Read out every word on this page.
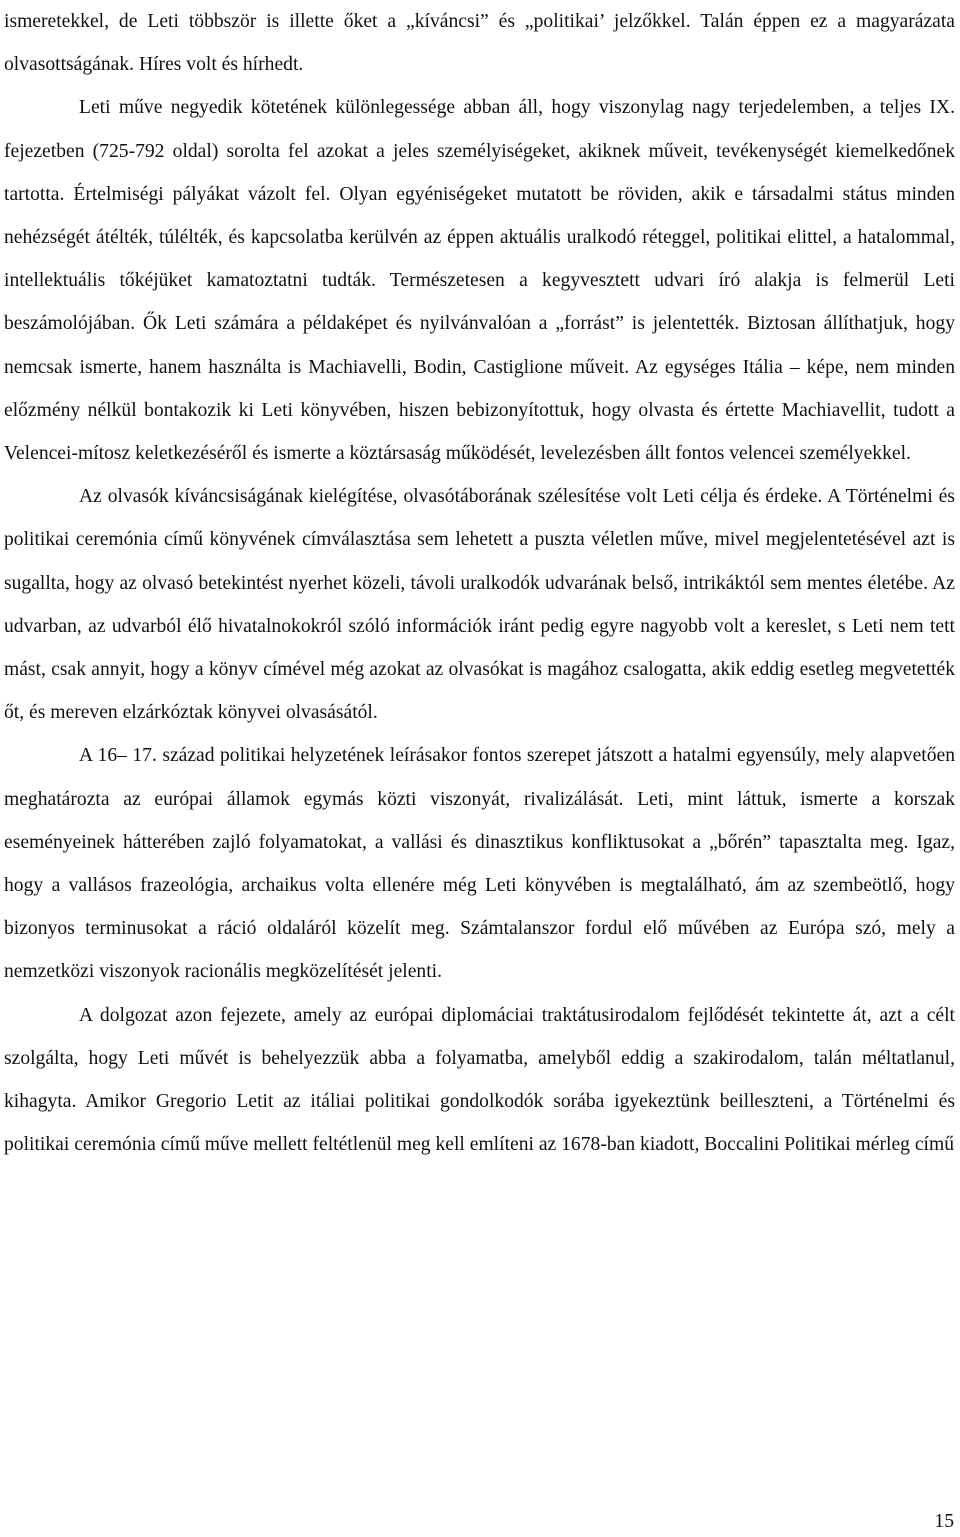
ismeretekkel, de Leti többször is illette őket a „kíváncsi” és „politikai’ jelzőkkel. Talán éppen ez a magyarázata olvasottságának. Híres volt és hírhedt.

Leti műve negyedik kötetének különlegessége abban áll, hogy viszonylag nagy terjedelemben, a teljes IX. fejezetben (725-792 oldal) sorolta fel azokat a jeles személyiségeket, akiknek műveit, tevékenységét kiemelkedőnek tartotta. Értelmiségi pályákat vázolt fel. Olyan egyéniségeket mutatott be röviden, akik e társadalmi státus minden nehézségét átélték, túlélték, és kapcsolatba kerülvén az éppen aktuális uralkodó réteggel, politikai elittel, a hatalommal, intellektuális tőkéjüket kamatoztatni tudták. Természetesen a kegyvesztett udvari író alakja is felmerül Leti beszámolójában. Ők Leti számára a példaképet és nyilvánvalóan a „forrást” is jelentették. Biztosan állíthatjuk, hogy nemcsak ismerte, hanem használta is Machiavelli, Bodin, Castiglione műveit. Az egységes Itália – képe, nem minden előzmény nélkül bontakozik ki Leti könyvében, hiszen bebizonyítottuk, hogy olvasta és értette Machiavellit, tudott a Velencei-mítosz keletkezéséről és ismerte a köztársaság működését, levelezésben állt fontos velencei személyekkel.

Az olvasók kíváncsiságának kielégítése, olvasótáborának szélesítése volt Leti célja és érdeke. A Történelmi és politikai ceremónia című könyvének címválasztása sem lehetett a puszta véletlen műve, mivel megjelentetésével azt is sugallta, hogy az olvasó betekintést nyerhet közeli, távoli uralkodók udvarának belső, intrikáktól sem mentes életébe. Az udvarban, az udvarból élő hivatalnokokról szóló információk iránt pedig egyre nagyobb volt a kereslet, s Leti nem tett mást, csak annyit, hogy a könyv címével még azokat az olvasókat is magához csalogatta, akik eddig esetleg megvetették őt, és mereven elzárkóztak könyvei olvasásától.

A 16– 17. század politikai helyzetének leírásakor fontos szerepet játszott a hatalmi egyensúly, mely alapvetően meghatározta az európai államok egymás közti viszonyát, rivalizálását. Leti, mint láttuk, ismerte a korszak eseményeinek hátterében zajló folyamatokat, a vallási és dinasztikus konfliktusokat a „bőrén” tapasztalta meg. Igaz, hogy a vallásos frazeológia, archaikus volta ellenére még Leti könyvében is megtalálható, ám az szembeötlő, hogy bizonyos terminusokat a ráció oldaláról közelít meg. Számtalanszor fordul elő művében az Európa szó, mely a nemzetközi viszonyok racionális megközelítését jelenti.

A dolgozat azon fejezete, amely az európai diplomáciai traktátusirodalom fejlődését tekintette át, azt a célt szolgálta, hogy Leti művét is behelyezzük abba a folyamatba, amelyből eddig a szakirodalom, talán méltatlanul, kihagyta. Amikor Gregorio Letit az itáliai politikai gondolkodók sorába igyekeztünk beilleszteni, a Történelmi és politikai ceremónia című műve mellett feltétlenül meg kell említeni az 1678-ban kiadott, Boccalini Politikai mérleg című

15
